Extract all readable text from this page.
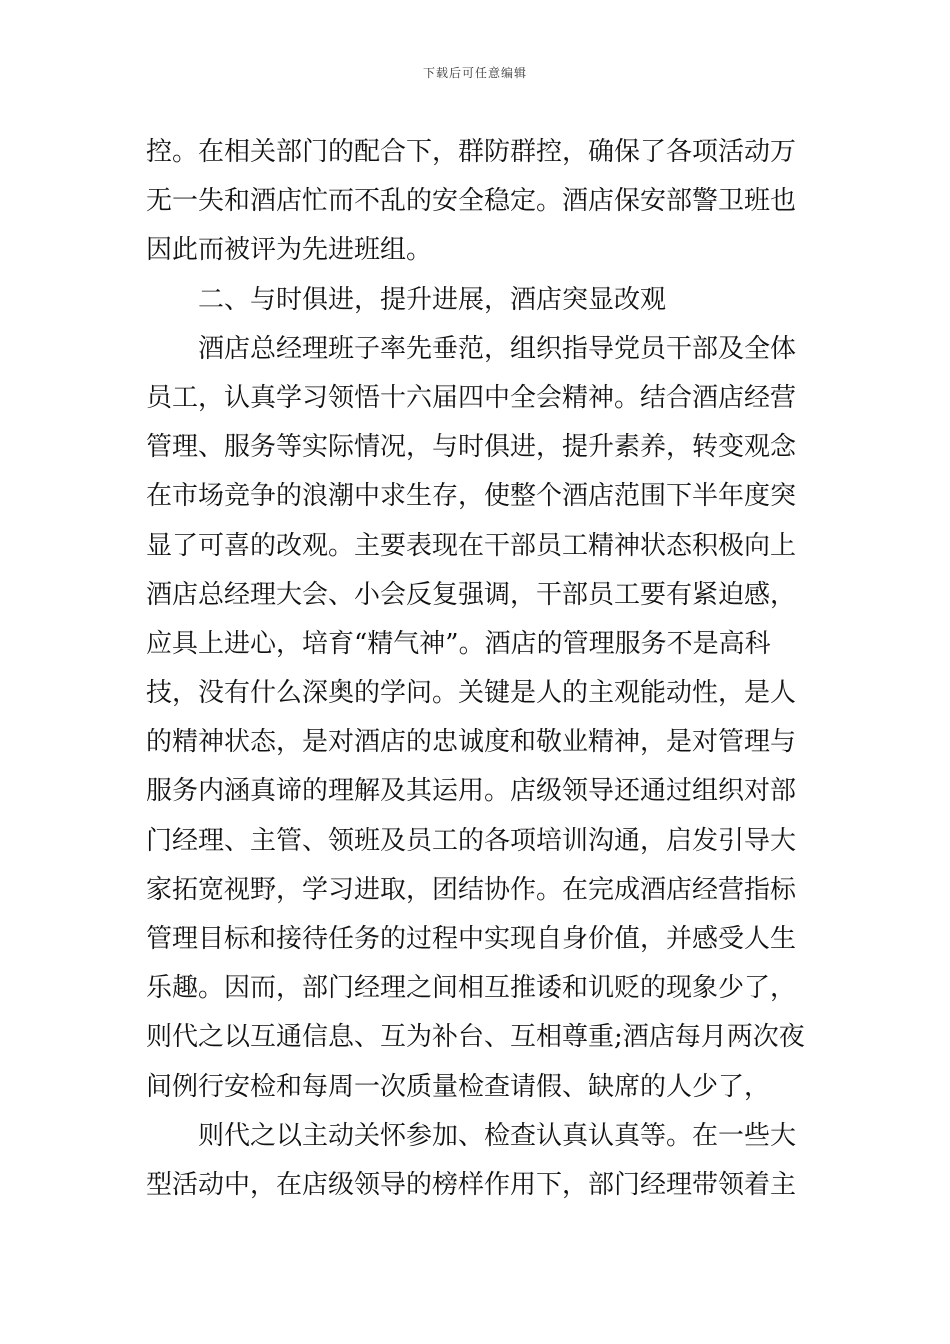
下载后可任意编辑
控。在相关部门的配合下，群防群控，确保了各项活动万
无一失和酒店忙而不乱的安全稳定。酒店保安部警卫班也
因此而被评为先进班组。
二、与时俱进，提升进展，酒店突显改观
酒店总经理班子率先垂范，组织指导党员干部及全体
员工，认真学习领悟十六届四中全会精神。结合酒店经营
管理、服务等实际情况，与时俱进，提升素养，转变观念
在市场竞争的浪潮中求生存，使整个酒店范围下半年度突
显了可喜的改观。主要表现在干部员工精神状态积极向上
酒店总经理大会、小会反复强调，干部员工要有紧迫感，
应具上进心，培育“精气神”。酒店的管理服务不是高科
技，没有什么深奥的学问。关键是人的主观能动性，是人
的精神状态，是对酒店的忠诚度和敬业精神，是对管理与
服务内涵真谛的理解及其运用。店级领导还通过组织对部
门经理、主管、领班及员工的各项培训沟通，启发引导大
家拓宽视野，学习进取，团结协作。在完成酒店经营指标
管理目标和接待任务的过程中实现自身价值，并感受人生
乐趣。因而，部门经理之间相互推诿和讥贬的现象少了，
则代之以互通信息、互为补台、互相尊重;酒店每月两次夜
间例行安检和每周一次质量检查请假、缺席的人少了，
则代之以主动关怀参加、检查认真认真等。在一些大
型活动中，在店级领导的榜样作用下，部门经理带领着主
